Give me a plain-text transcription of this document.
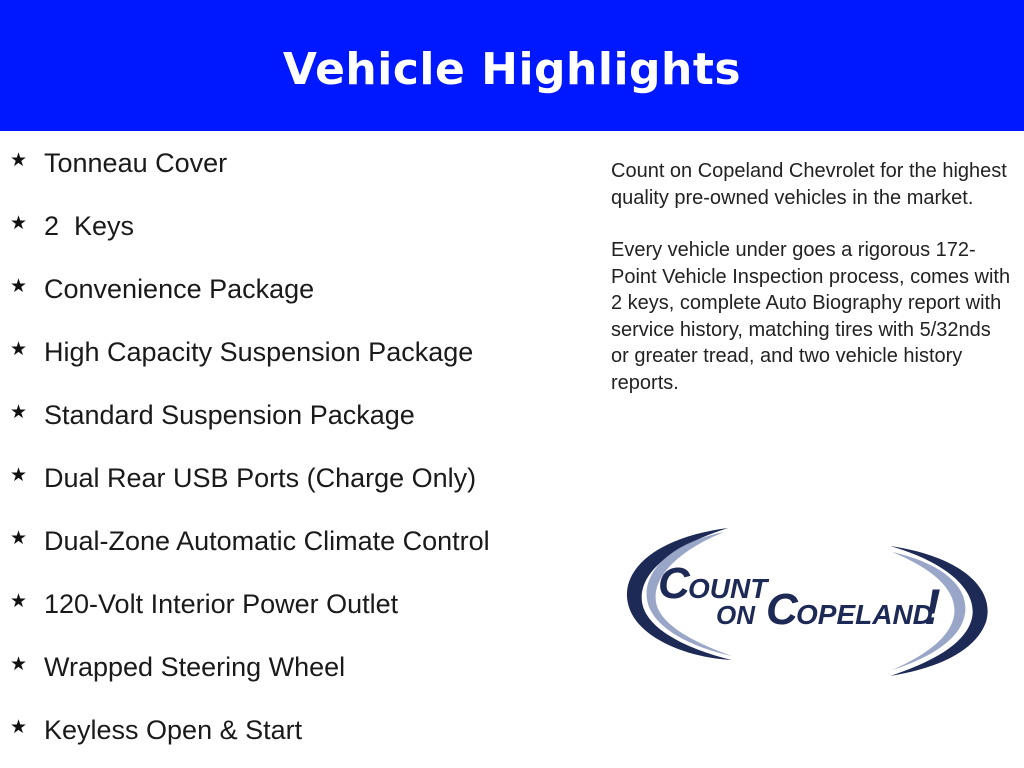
Vehicle Highlights
★ Tonneau Cover
★ 2  Keys
★ Convenience Package
★ High Capacity Suspension Package
★ Standard Suspension Package
★ Dual Rear USB Ports (Charge Only)
★ Dual-Zone Automatic Climate Control
★ 120-Volt Interior Power Outlet
★ Wrapped Steering Wheel
★ Keyless Open & Start

Count on Copeland Chevrolet for the highest quality pre-owned vehicles in the market.

Every vehicle under goes a rigorous 172-Point Vehicle Inspection process, comes with 2 keys, complete Auto Biography report with service history, matching tires with 5/32nds or greater tread, and two vehicle history reports.

C
OUNT
ON C
OPELAND
!
